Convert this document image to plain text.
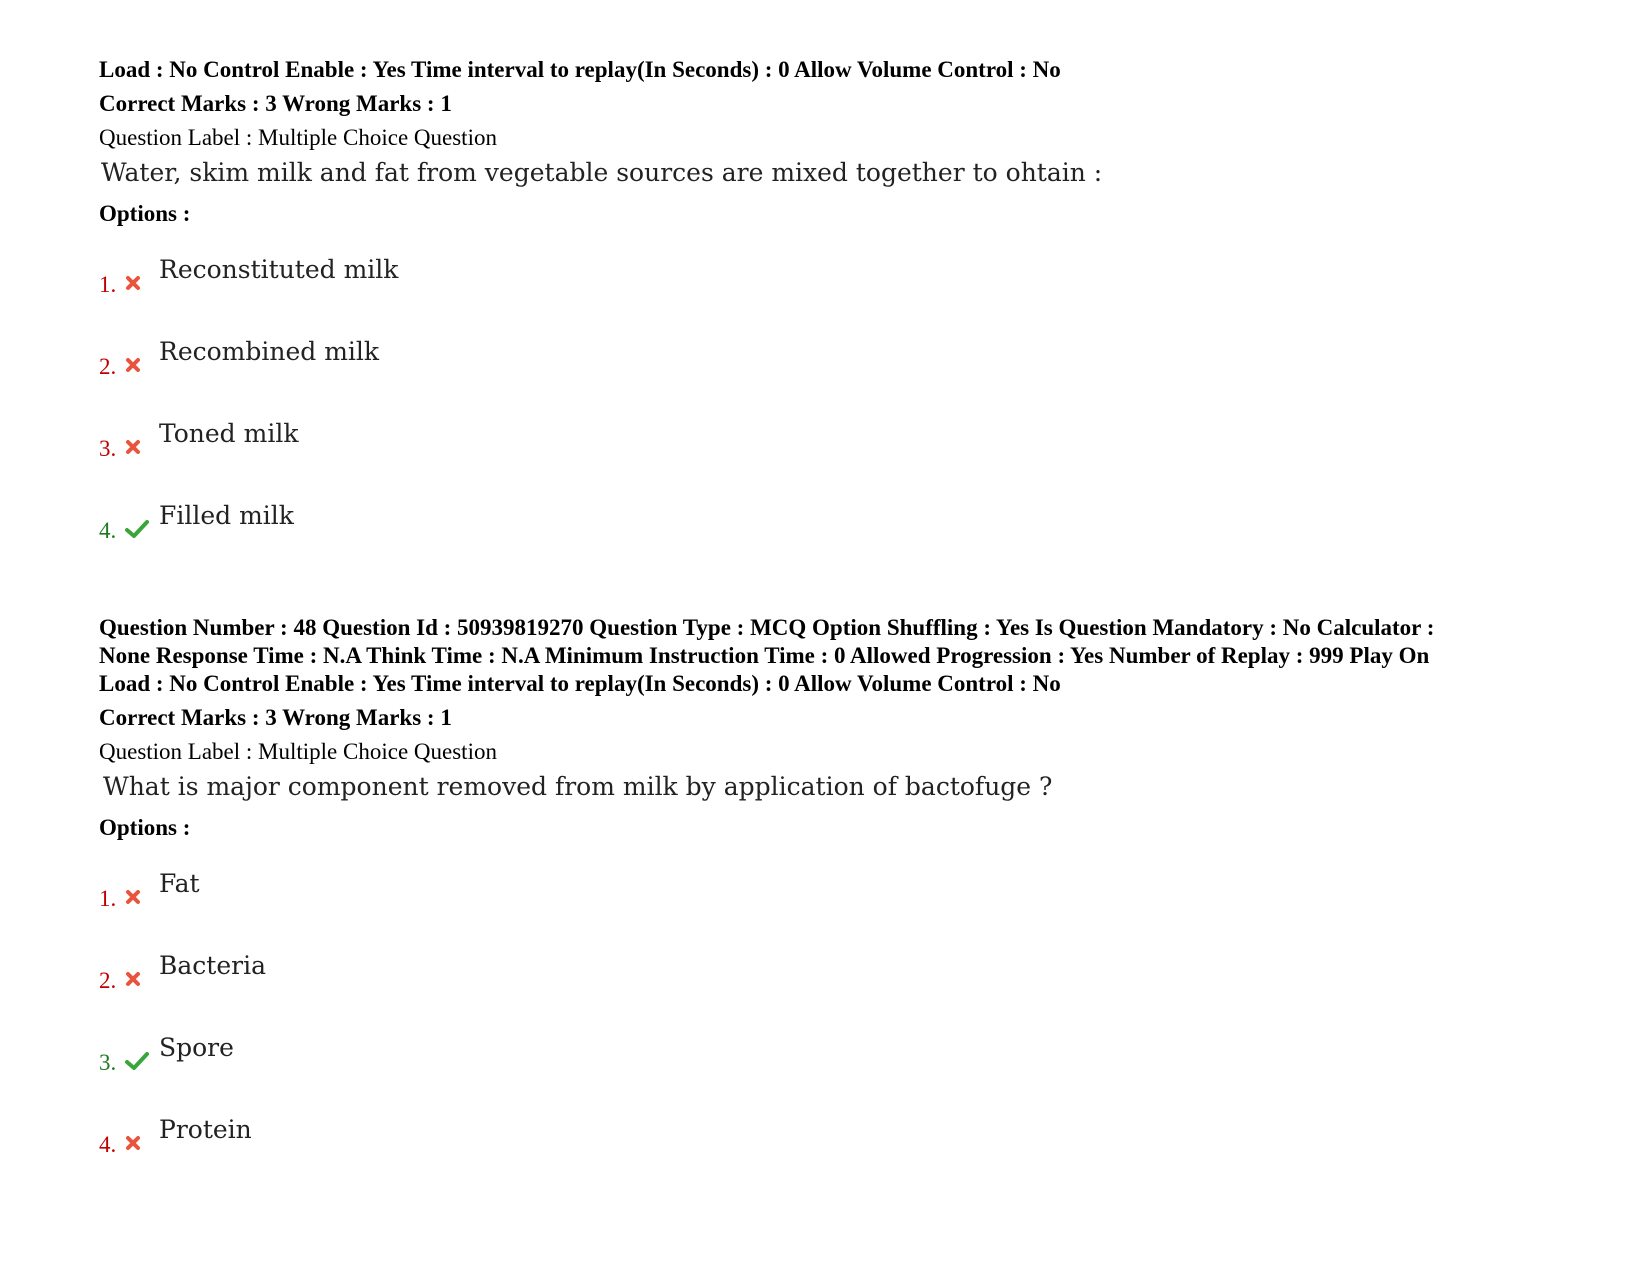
Load : No Control Enable : Yes Time interval to replay(In Seconds) : 0 Allow Volume Control : No

Correct Marks : 3 Wrong Marks : 1

Question Label : Multiple Choice Question

Water, skim milk and fat from vegetable sources are mixed together to ohtain :

Options :

1.
Reconstituted milk
2.
Recombined milk
3.
Toned milk
4.
Filled milk

Question Number : 48 Question Id : 50939819270 Question Type : MCQ Option Shuffling : Yes Is Question Mandatory : No Calculator :

None Response Time : N.A Think Time : N.A Minimum Instruction Time : 0 Allowed Progression : Yes Number of Replay : 999 Play On

Load : No Control Enable : Yes Time interval to replay(In Seconds) : 0 Allow Volume Control : No

Correct Marks : 3 Wrong Marks : 1

Question Label : Multiple Choice Question

What is major component removed from milk by application of bactofuge ?

Options :

1.
Fat
2.
Bacteria
3.
Spore
4.
Protein
